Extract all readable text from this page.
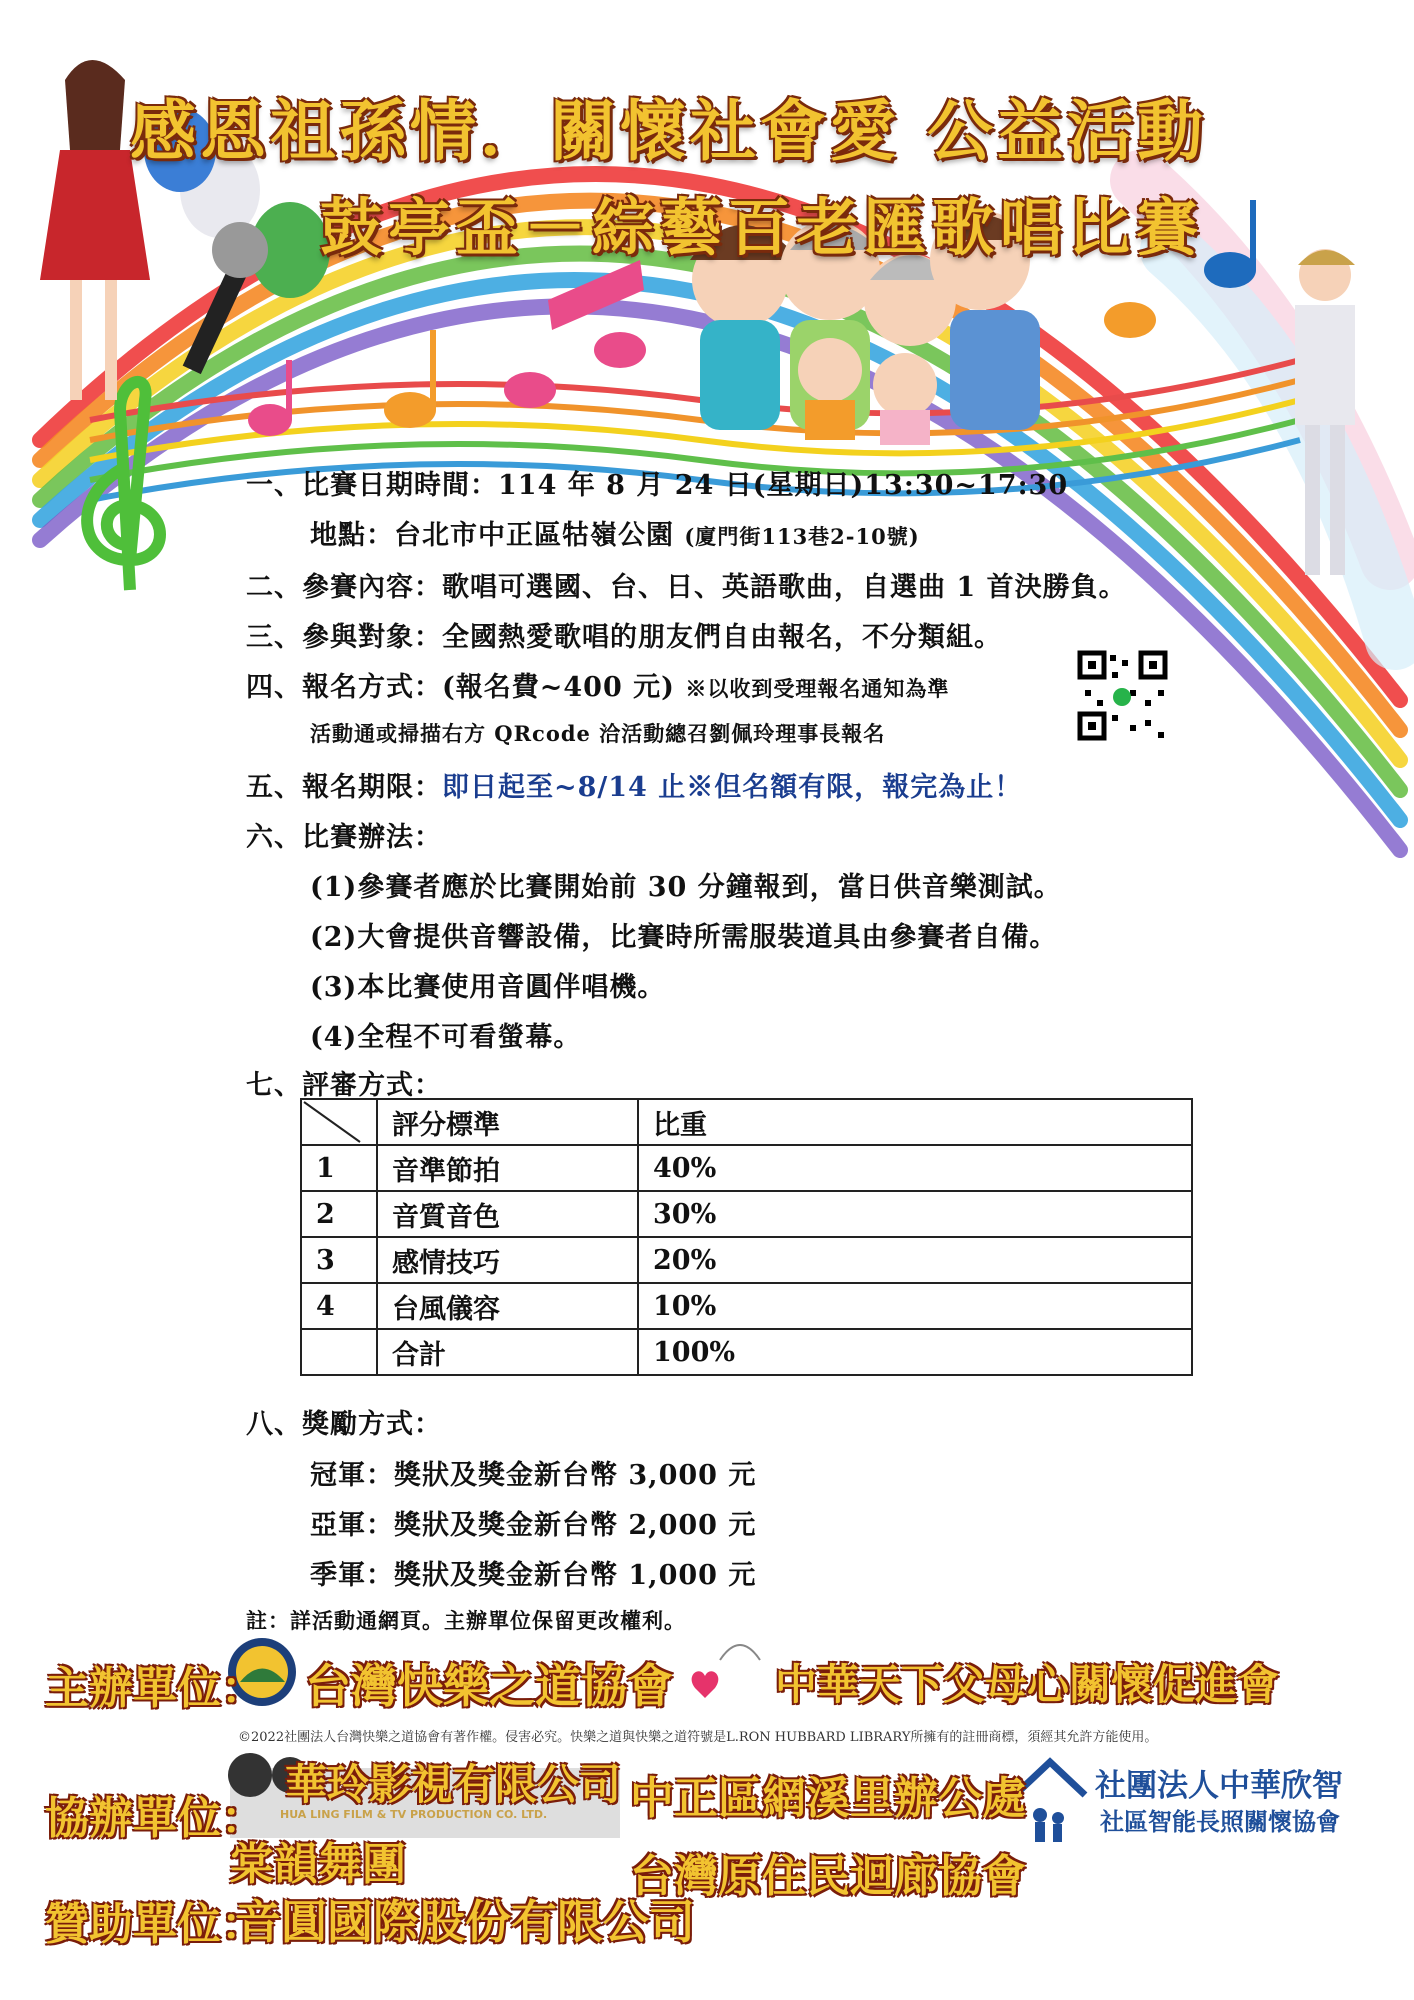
感恩祖孫情．關懷社會愛 公益活動
鼓亭盃－綜藝百老匯歌唱比賽
一、比賽日期時間：114 年 8 月 24 日(星期日)13:30~17:30
地點：台北市中正區牯嶺公園 (廈門街113巷2-10號)
二、參賽內容：歌唱可選國、台、日、英語歌曲，自選曲 1 首決勝負。
三、參與對象：全國熱愛歌唱的朋友們自由報名，不分類組。
四、報名方式：(報名費~400 元) ※以收到受理報名通知為準
活動通或掃描右方 QRcode 洽活動總召劉佩玲理事長報名
五、報名期限：即日起至~8/14 止※但名額有限，報完為止！
六、比賽辦法：
(1)參賽者應於比賽開始前 30 分鐘報到，當日供音樂測試。
(2)大會提供音響設備，比賽時所需服裝道具由參賽者自備。
(3)本比賽使用音圓伴唱機。
(4)全程不可看螢幕。
七、評審方式：
	評分標準	比重
1	音準節拍	40%
2	音質音色	30%
3	感情技巧	20%
4	台風儀容	10%
	合計	100%
八、獎勵方式：
冠軍：獎狀及獎金新台幣 3,000 元
亞軍：獎狀及獎金新台幣 2,000 元
季軍：獎狀及獎金新台幣 1,000 元
註：詳活動通網頁。主辦單位保留更改權利。
主辦單位： 台灣快樂之道協會 中華天下父母心關懷促進會
©2022社團法人台灣快樂之道協會有著作權。侵害必究。快樂之道與快樂之道符號是L.RON HUBBARD LIBRARY所擁有的註冊商標，須經其允許方能使用。
協辦單位：
華玲影視有限公司
HUA LING FILM & TV PRODUCTION CO. LTD. 中正區網溪里辦公處 社團法人中華欣智
社區智能長照關懷協會
棠韻舞團	台灣原住民迴廊協會
贊助單位：
音圓國際股份有限公司
